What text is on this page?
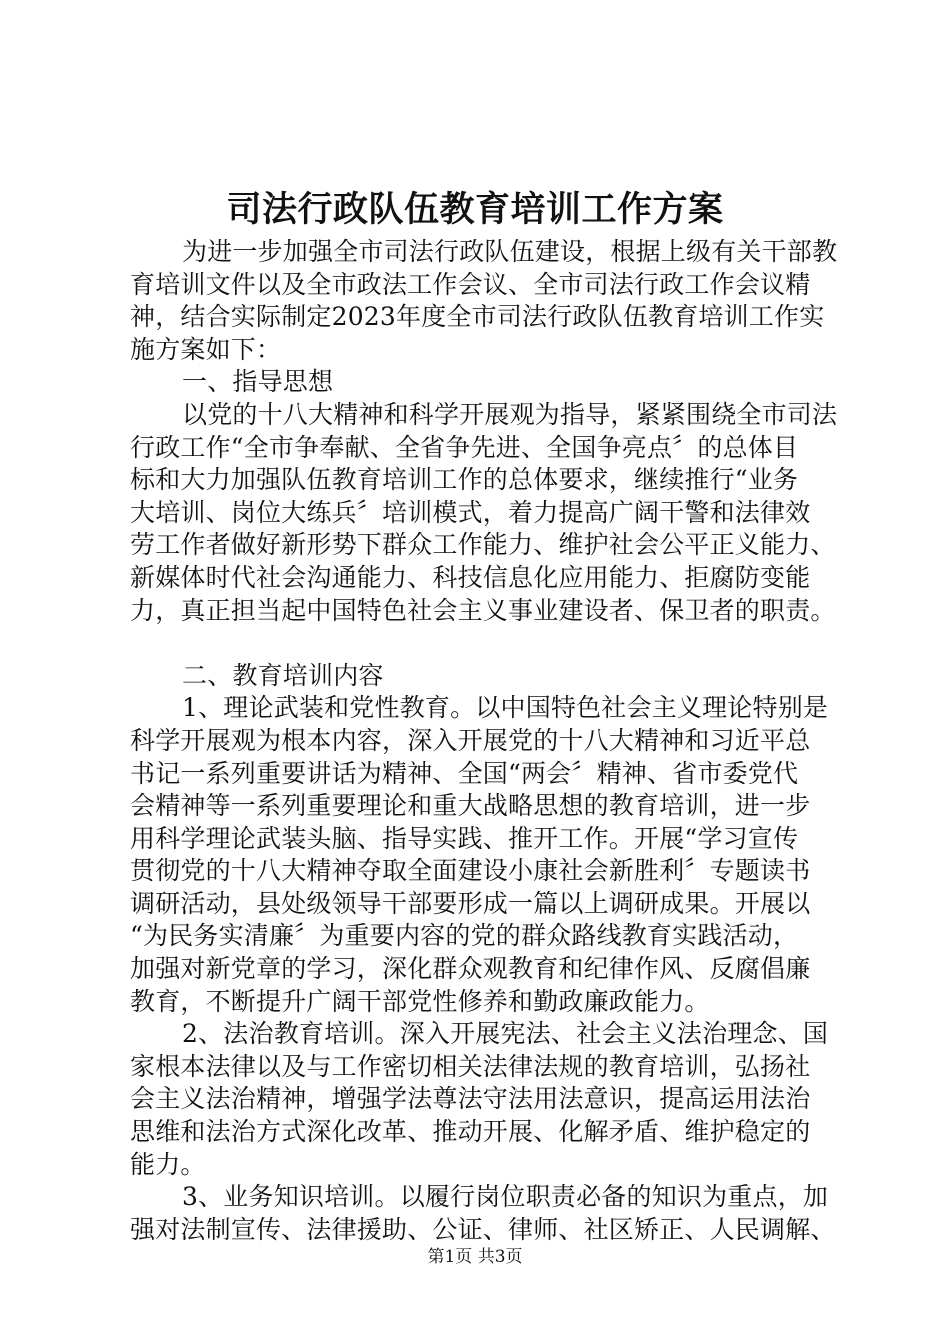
司法行政队伍教育培训工作方案
为进一步加强全市司法行政队伍建设，根据上级有关干部教
育培训文件以及全市政法工作会议、全市司法行政工作会议精
神，结合实际制定2023年度全市司法行政队伍教育培训工作实
施方案如下：
一、指导思想
以党的十八大精神和科学开展观为指导，紧紧围绕全市司法
行政工作“全市争奉献、全省争先进、全国争亮点〞的总体目
标和大力加强队伍教育培训工作的总体要求，继续推行“业务
大培训、岗位大练兵〞培训模式，着力提高广阔干警和法律效
劳工作者做好新形势下群众工作能力、维护社会公平正义能力、
新媒体时代社会沟通能力、科技信息化应用能力、拒腐防变能
力，真正担当起中国特色社会主义事业建设者、保卫者的职责。
二、教育培训内容
1、理论武装和党性教育。以中国特色社会主义理论特别是
科学开展观为根本内容，深入开展党的十八大精神和习近平总
书记一系列重要讲话为精神、全国“两会〞精神、省市委党代
会精神等一系列重要理论和重大战略思想的教育培训，进一步
用科学理论武装头脑、指导实践、推开工作。开展“学习宣传
贯彻党的十八大精神夺取全面建设小康社会新胜利〞专题读书
调研活动，县处级领导干部要形成一篇以上调研成果。开展以
“为民务实清廉〞为重要内容的党的群众路线教育实践活动，
加强对新党章的学习，深化群众观教育和纪律作风、反腐倡廉
教育，不断提升广阔干部党性修养和勤政廉政能力。
2、法治教育培训。深入开展宪法、社会主义法治理念、国
家根本法律以及与工作密切相关法律法规的教育培训，弘扬社
会主义法治精神，增强学法尊法守法用法意识，提高运用法治
思维和法治方式深化改革、推动开展、化解矛盾、维护稳定的
能力。
3、业务知识培训。以履行岗位职责必备的知识为重点，加
强对法制宣传、法律援助、公证、律师、社区矫正、人民调解、
第1页 共3页
